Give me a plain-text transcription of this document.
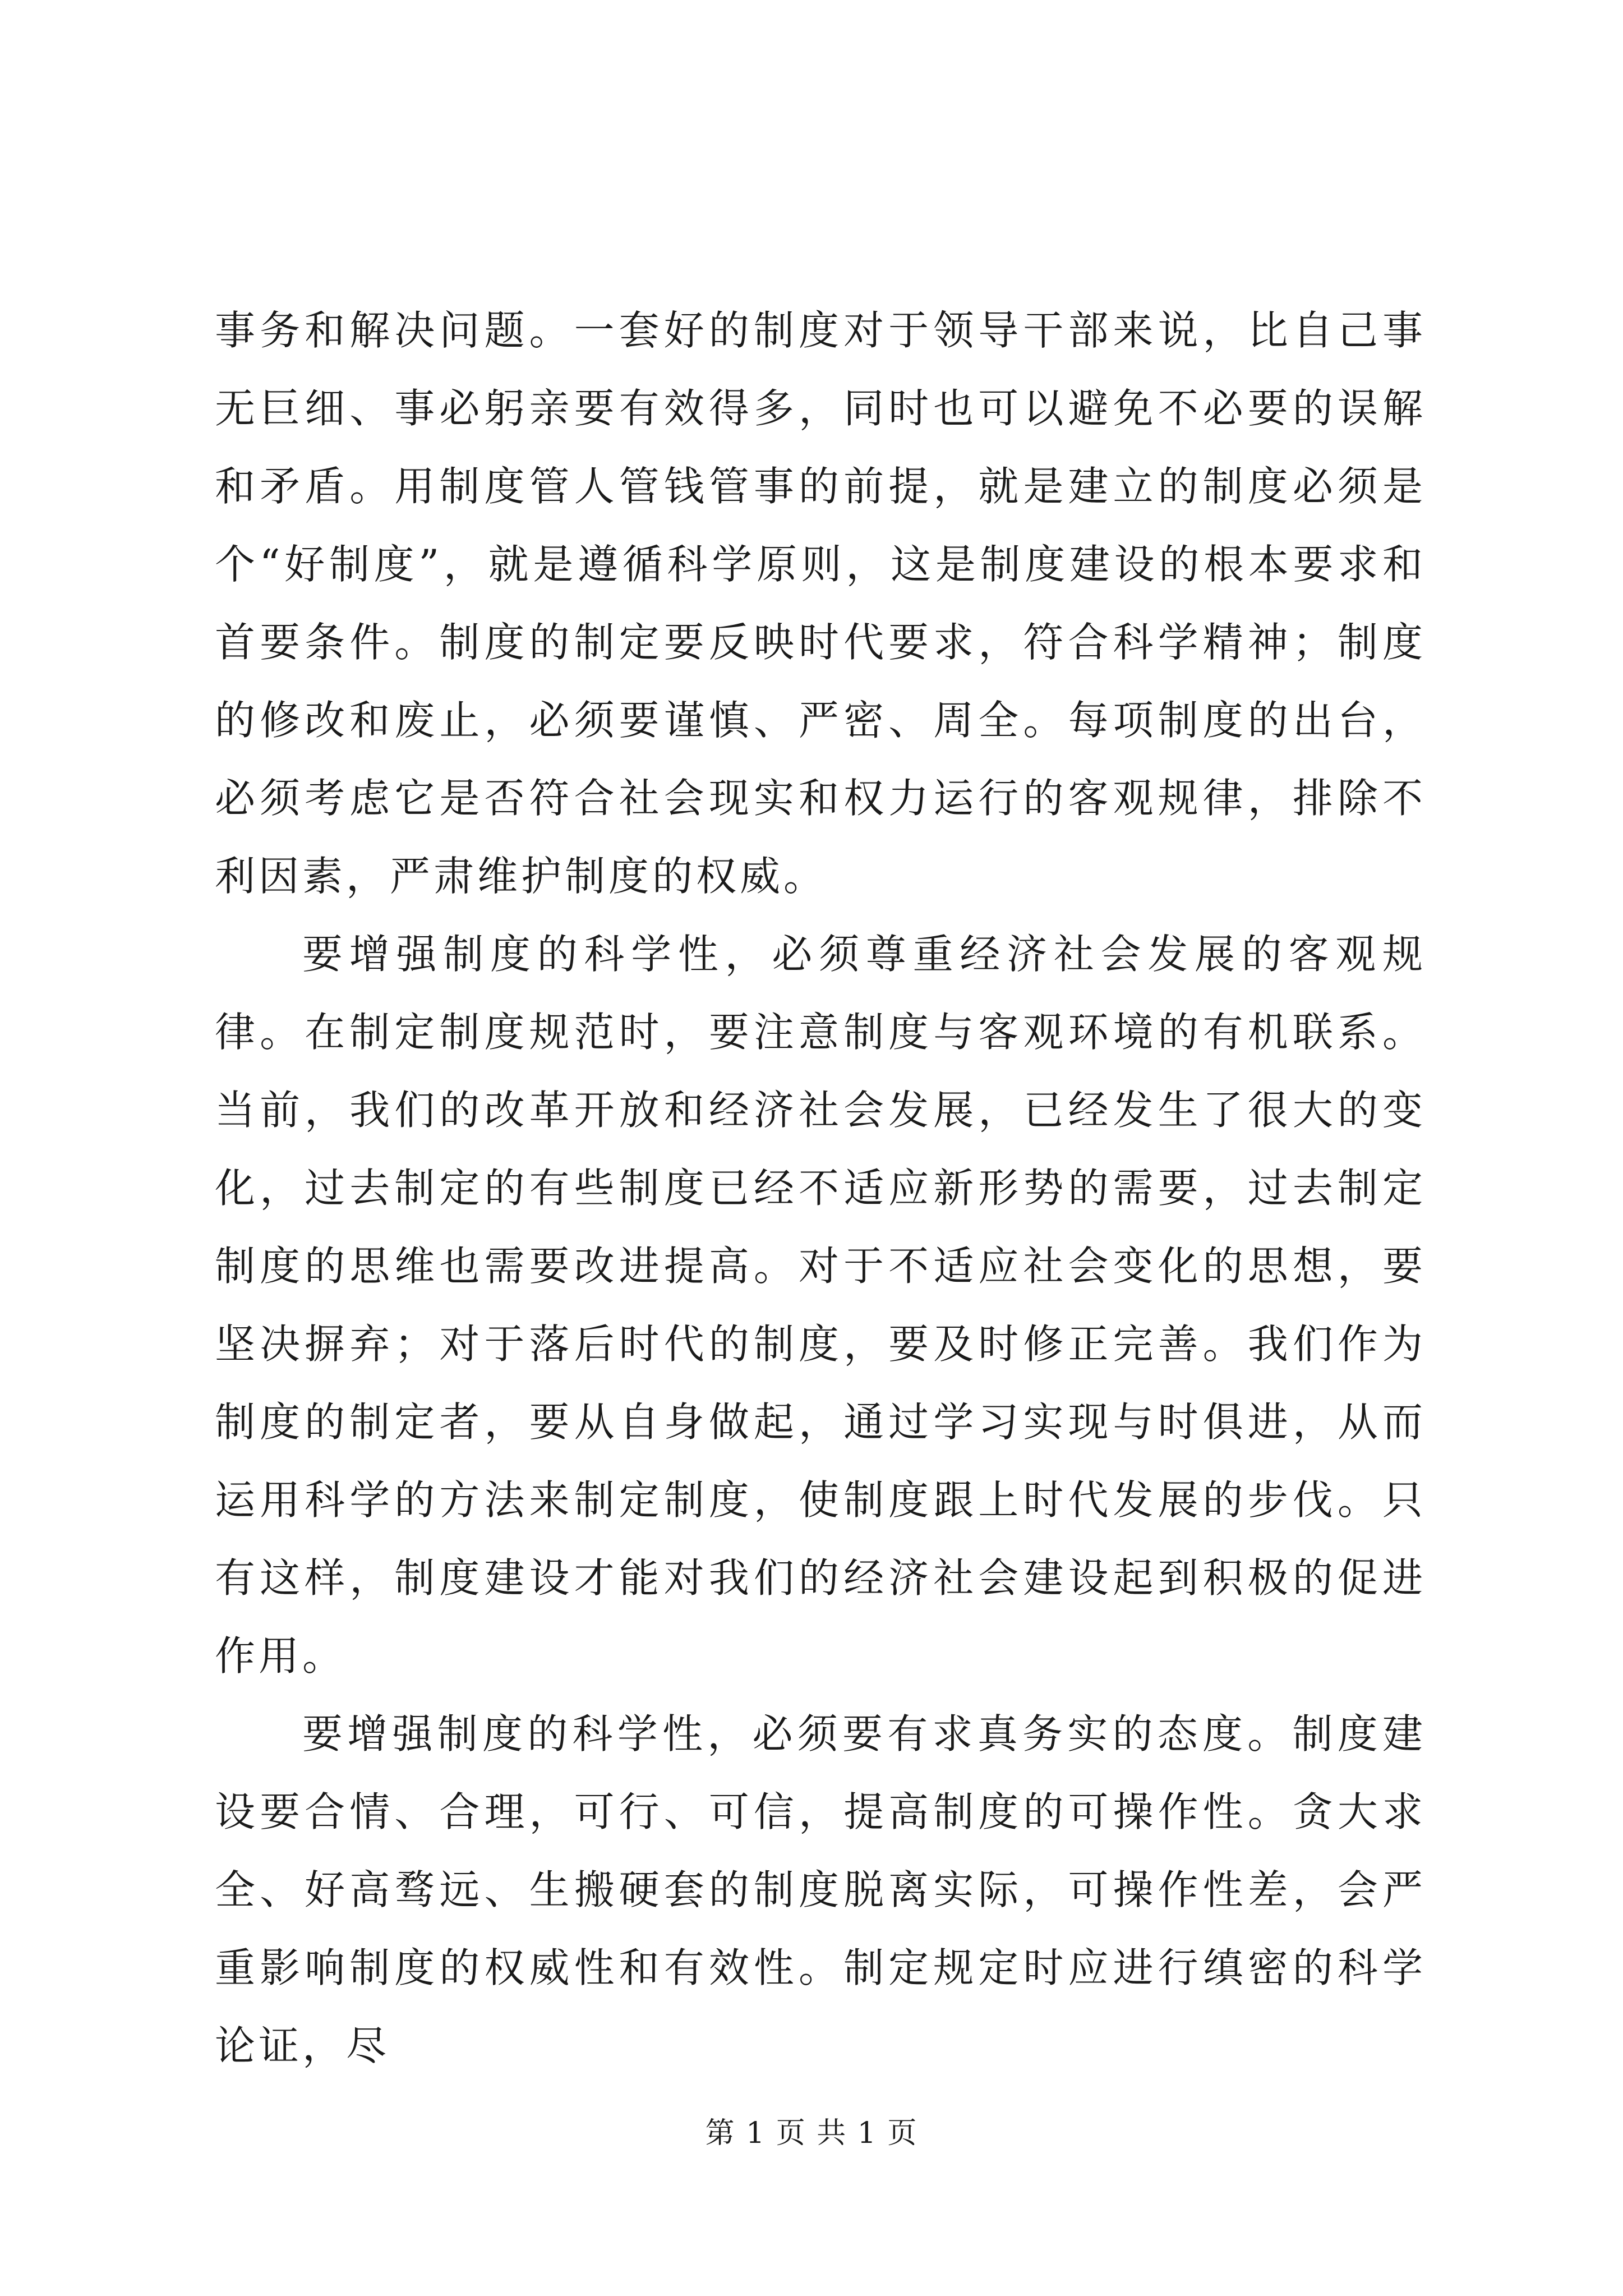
事务和解决问题。一套好的制度对于领导干部来说，比自己事无巨细、事必躬亲要有效得多，同时也可以避免不必要的误解和矛盾。用制度管人管钱管事的前提，就是建立的制度必须是个“好制度”，就是遵循科学原则，这是制度建设的根本要求和首要条件。制度的制定要反映时代要求，符合科学精神；制度的修改和废止，必须要谨慎、严密、周全。每项制度的出台，必须考虑它是否符合社会现实和权力运行的客观规律，排除不利因素，严肃维护制度的权威。

要增强制度的科学性，必须尊重经济社会发展的客观规律。在制定制度规范时，要注意制度与客观环境的有机联系。当前，我们的改革开放和经济社会发展，已经发生了很大的变化，过去制定的有些制度已经不适应新形势的需要，过去制定制度的思维也需要改进提高。对于不适应社会变化的思想，要坚决摒弃；对于落后时代的制度，要及时修正完善。我们作为制度的制定者，要从自身做起，通过学习实现与时俱进，从而运用科学的方法来制定制度，使制度跟上时代发展的步伐。只有这样，制度建设才能对我们的经济社会建设起到积极的促进作用。

要增强制度的科学性，必须要有求真务实的态度。制度建设要合情、合理，可行、可信，提高制度的可操作性。贪大求全、好高骛远、生搬硬套的制度脱离实际，可操作性差，会严重影响制度的权威性和有效性。制定规定时应进行缜密的科学论证，尽

第 1 页 共 1 页
